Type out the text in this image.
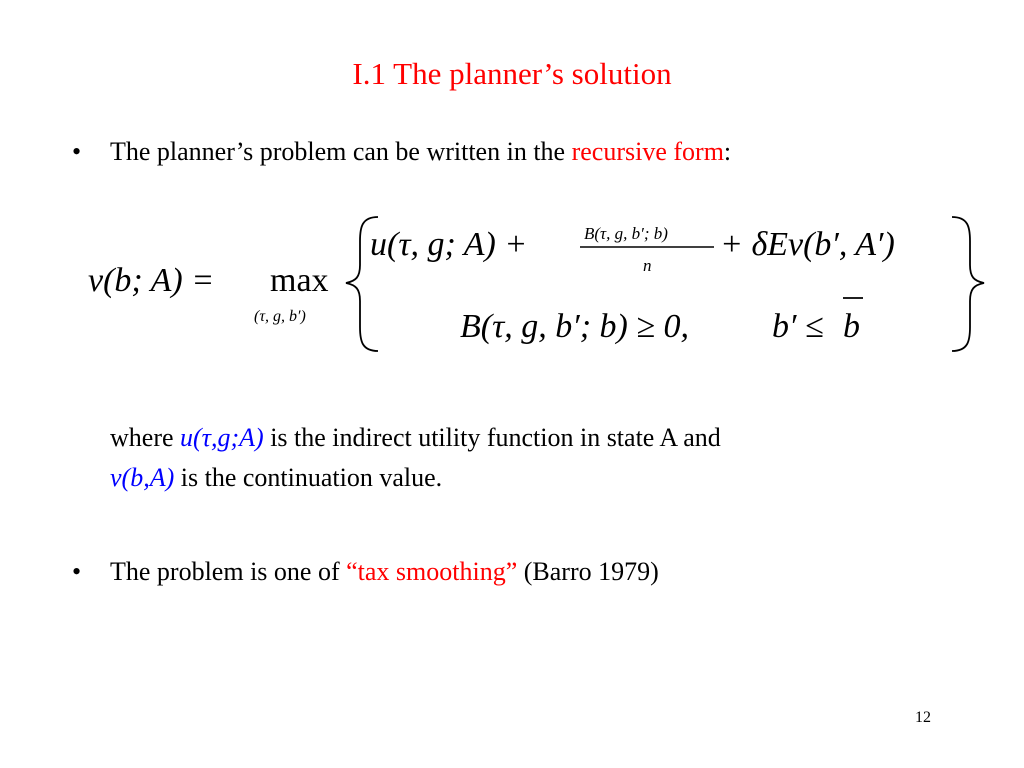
I.1 The planner’s solution
• The planner’s problem can be written in the recursive form:
v(b; A) = max
(τ, g, b′)
u(τ, g; A) +	B(τ, g, b′; b)
n
+ δEv(b′, A′)
B(τ, g, b′; b) ≥ 0, b′ ≤ b
where u(τ,g;A) is the indirect utility function in state A and
v(b,A) is the continuation value.
• The problem is one of “tax smoothing” (Barro 1979)
12
